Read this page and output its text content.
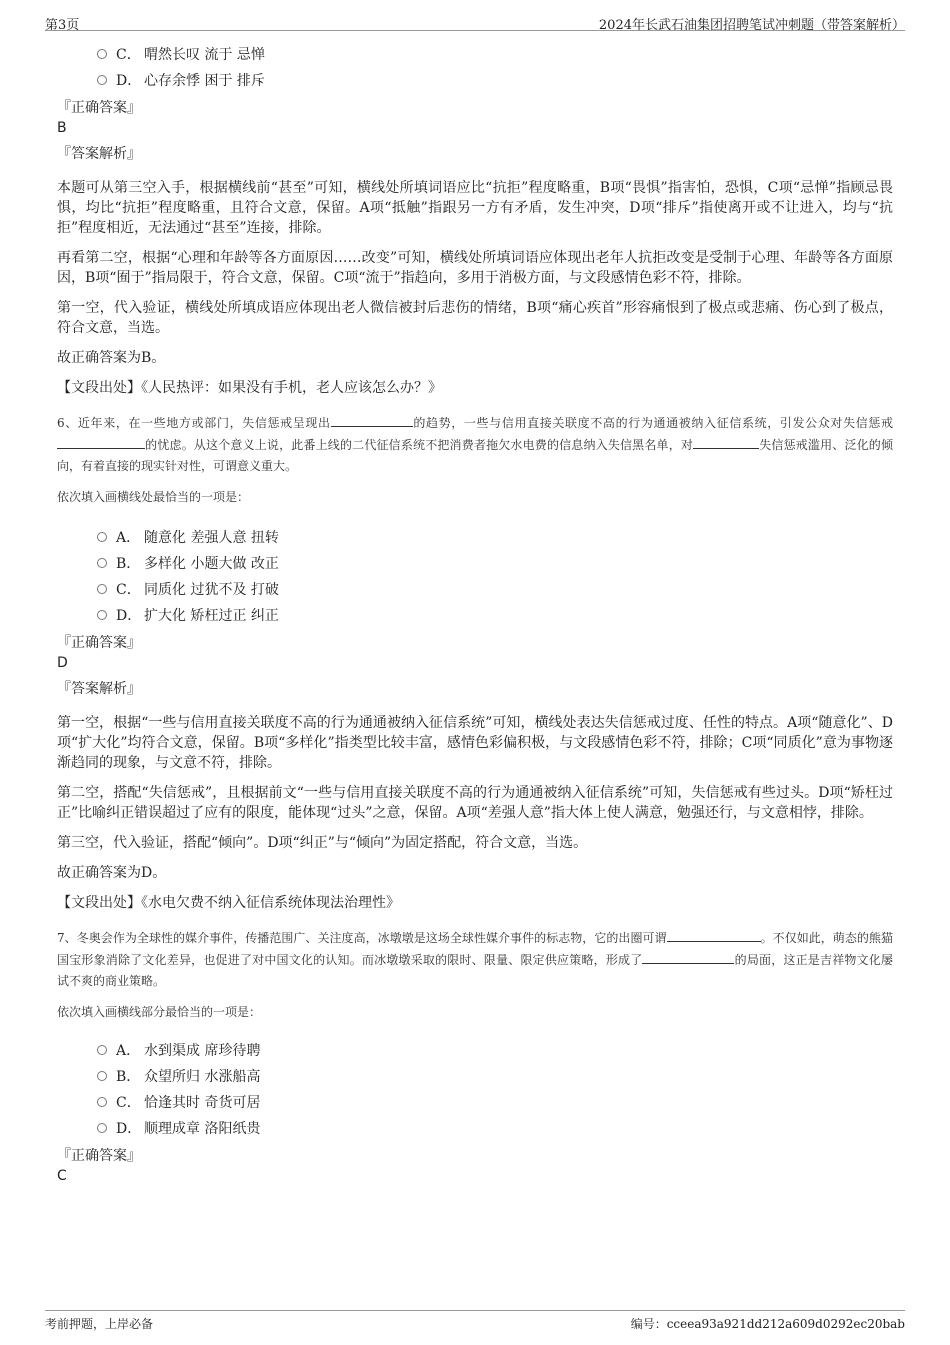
第3页	2024年长武石油集团招聘笔试冲刺题（带答案解析）
C． 喟然长叹 流于 忌惮
D． 心存余悸 困于 排斥
『正确答案』
B
『答案解析』

本题可从第三空入手，根据横线前“甚至”可知，横线处所填词语应比“抗拒”程度略重，B项“畏惧”指害怕，恐惧，C项“忌惮”指顾忌畏惧，均比“抗拒”程度略重，且符合文意，保留。A项“抵触”指跟另一方有矛盾，发生冲突，D项“排斥”指使离开或不让进入，均与“抗拒”程度相近，无法通过“甚至”连接，排除。

再看第二空，根据“心理和年龄等各方面原因……改变”可知，横线处所填词语应体现出老年人抗拒改变是受制于心理、年龄等各方面原因，B项“囿于”指局限于，符合文意，保留。C项“流于”指趋向，多用于消极方面，与文段感情色彩不符，排除。

第一空，代入验证，横线处所填成语应体现出老人微信被封后悲伤的情绪，B项“痛心疾首”形容痛恨到了极点或悲痛、伤心到了极点，符合文意，当选。

故正确答案为B。

【文段出处】《人民热评：如果没有手机，老人应该怎么办？》

6、近年来，在一些地方或部门，失信惩戒呈现出	的趋势，一些与信用直接关联度不高的行为通通被纳入征信系统，引发公众对失信惩戒的忧虑。从这个意义上说，此番上线的二代征信系统不把消费者拖欠水电费的信息纳入失信黑名单，对	失信惩戒滥用、泛化的倾向，有着直接的现实针对性，可谓意义重大。

依次填入画横线处最恰当的一项是：

A． 随意化 差强人意 扭转
B． 多样化 小题大做 改正
C． 同质化 过犹不及 打破
D． 扩大化 矫枉过正 纠正
『正确答案』
D
『答案解析』

第一空，根据“一些与信用直接关联度不高的行为通通被纳入征信系统”可知，横线处表达失信惩戒过度、任性的特点。A项“随意化”、D项“扩大化”均符合文意，保留。B项“多样化”指类型比较丰富，感情色彩偏积极，与文段感情色彩不符，排除；C项“同质化”意为事物逐渐趋同的现象，与文意不符，排除。

第二空，搭配“失信惩戒”，且根据前文“一些与信用直接关联度不高的行为通通被纳入征信系统”可知，失信惩戒有些过头。D项“矫枉过正”比喻纠正错误超过了应有的限度，能体现“过头”之意，保留。A项“差强人意”指大体上使人满意，勉强还行，与文意相悖，排除。

第三空，代入验证，搭配“倾向”。D项“纠正”与“倾向”为固定搭配，符合文意，当选。

故正确答案为D。

【文段出处】《水电欠费不纳入征信系统体现法治理性》

7、冬奥会作为全球性的媒介事件，传播范围广、关注度高，冰墩墩是这场全球性媒介事件的标志物，它的出圈可谓	。不仅如此，萌态的熊猫国宝形象消除了文化差异，也促进了对中国文化的认知。而冰墩墩采取的限时、限量、限定供应策略，形成了	的局面，这正是吉祥物文化屡试不爽的商业策略。

依次填入画横线部分最恰当的一项是：

A． 水到渠成 席珍待聘
B． 众望所归 水涨船高
C． 恰逢其时 奇货可居
D． 顺理成章 洛阳纸贵
『正确答案』
C
考前押题，上岸必备	编号：cceea93a921dd212a609d0292ec20bab
